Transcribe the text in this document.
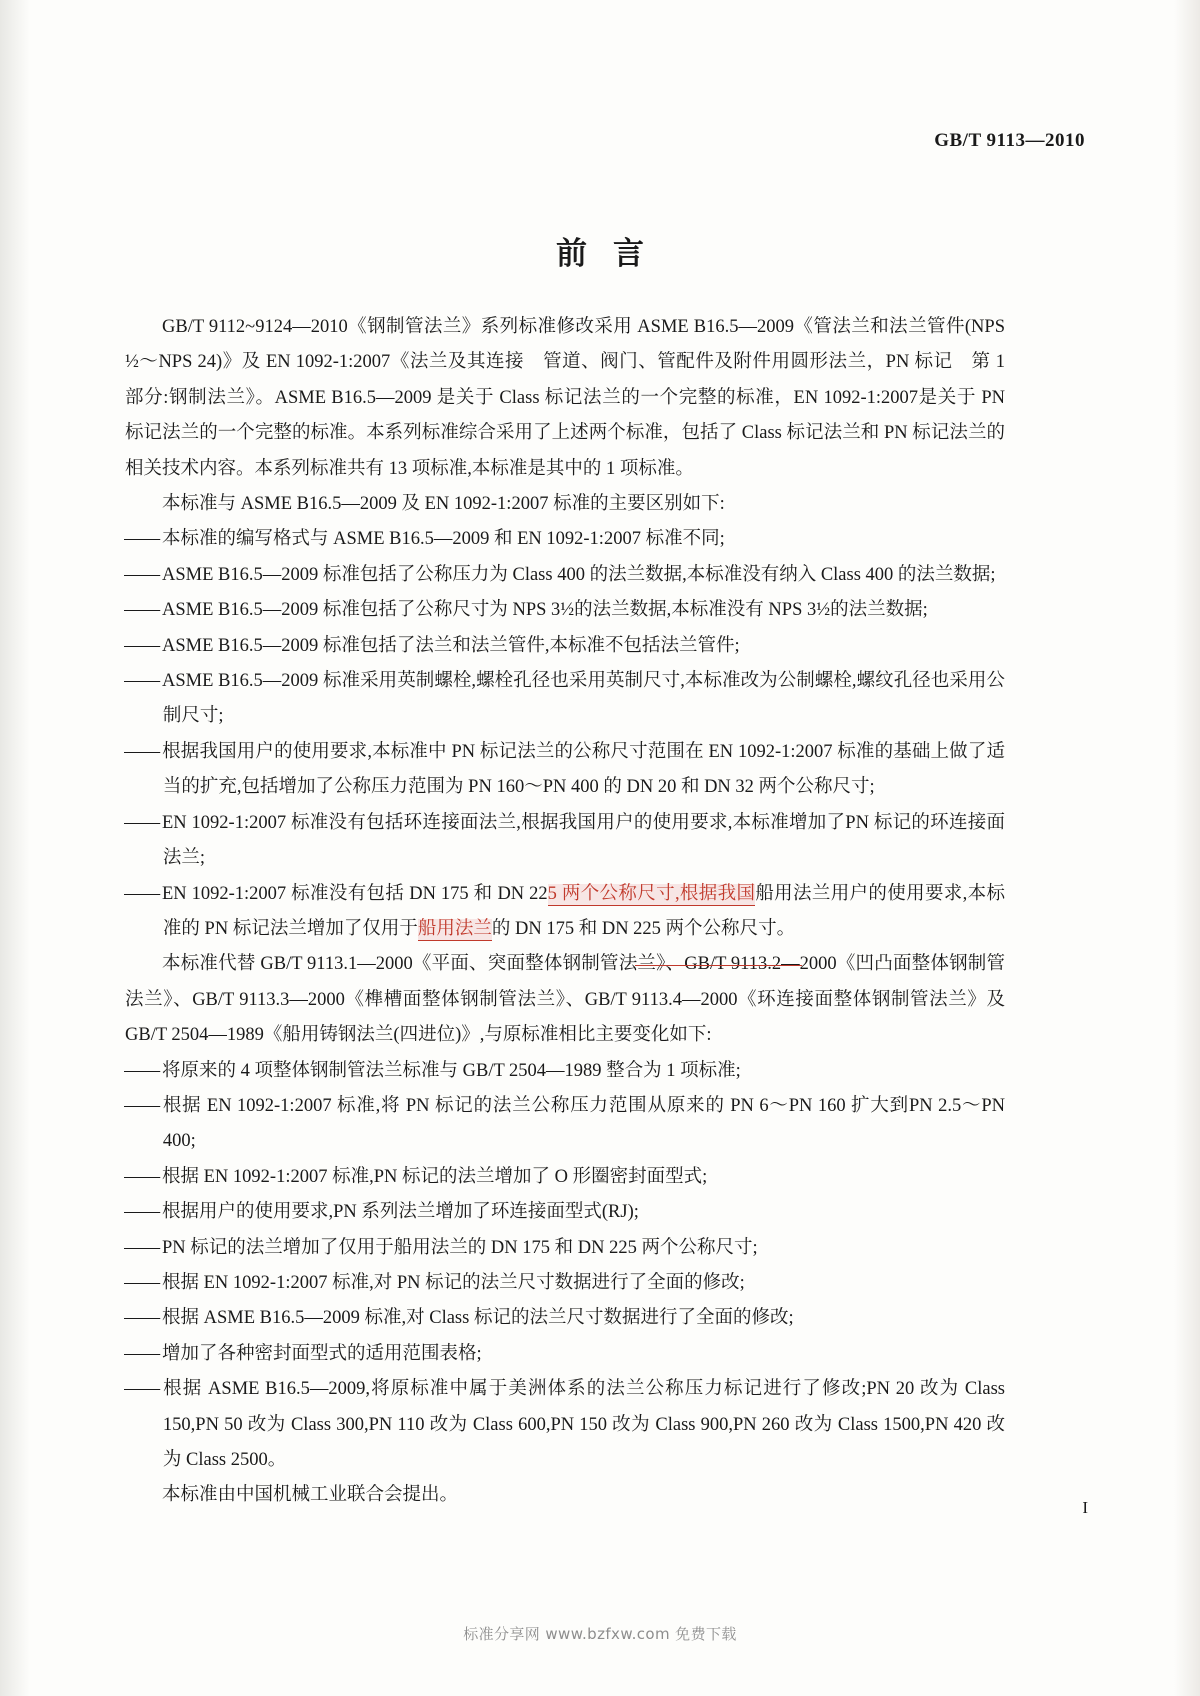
GB/T 9113—2010
前言

GB/T 9112~9124—2010《钢制管法兰》系列标准修改采用 ASME B16.5—2009《管法兰和法兰管件(NPS ½～NPS 24)》及 EN 1092-1:2007《法兰及其连接　管道、阀门、管配件及附件用圆形法兰，PN 标记　第 1 部分:钢制法兰》。ASME B16.5—2009 是关于 Class 标记法兰的一个完整的标准，EN 1092-1:2007是关于 PN 标记法兰的一个完整的标准。本系列标准综合采用了上述两个标准，包括了 Class 标记法兰和 PN 标记法兰的相关技术内容。本系列标准共有 13 项标准,本标准是其中的 1 项标准。

本标准与 ASME B16.5—2009 及 EN 1092-1:2007 标准的主要区别如下:

—— 本标准的编写格式与 ASME B16.5—2009 和 EN 1092-1:2007 标准不同;

—— ASME B16.5—2009 标准包括了公称压力为 Class 400 的法兰数据,本标准没有纳入 Class 400 的法兰数据;

—— ASME B16.5—2009 标准包括了公称尺寸为 NPS 3½的法兰数据,本标准没有 NPS 3½的法兰数据;

—— ASME B16.5—2009 标准包括了法兰和法兰管件,本标准不包括法兰管件;

—— ASME B16.5—2009 标准采用英制螺栓,螺栓孔径也采用英制尺寸,本标准改为公制螺栓,螺纹孔径也采用公制尺寸;

—— 根据我国用户的使用要求,本标准中 PN 标记法兰的公称尺寸范围在 EN 1092-1:2007 标准的基础上做了适当的扩充,包括增加了公称压力范围为 PN 160～PN 400 的 DN 20 和 DN 32 两个公称尺寸;

—— EN 1092-1:2007 标准没有包括环连接面法兰,根据我国用户的使用要求,本标准增加了PN 标记的环连接面法兰;

—— EN 1092-1:2007 标准没有包括 DN 175 和 DN 225 两个公称尺寸,根据我国船用法兰用户的使用要求,本标准的 PN 标记法兰增加了仅用于船用法兰的 DN 175 和 DN 225 两个公称尺寸。

本标准代替 GB/T 9113.1—2000《平面、突面整体钢制管法兰》、GB/T 9113.2—2000《凹凸面整体钢制管法兰》、GB/T 9113.3—2000《榫槽面整体钢制管法兰》、GB/T 9113.4—2000《环连接面整体钢制管法兰》及 GB/T 2504—1989《船用铸钢法兰(四进位)》,与原标准相比主要变化如下:

—— 将原来的 4 项整体钢制管法兰标准与 GB/T 2504—1989 整合为 1 项标准;

—— 根据 EN 1092-1:2007 标准,将 PN 标记的法兰公称压力范围从原来的 PN 6～PN 160 扩大到PN 2.5～PN 400;

—— 根据 EN 1092-1:2007 标准,PN 标记的法兰增加了 O 形圈密封面型式;

—— 根据用户的使用要求,PN 系列法兰增加了环连接面型式(RJ);

—— PN 标记的法兰增加了仅用于船用法兰的 DN 175 和 DN 225 两个公称尺寸;

—— 根据 EN 1092-1:2007 标准,对 PN 标记的法兰尺寸数据进行了全面的修改;

—— 根据 ASME B16.5—2009 标准,对 Class 标记的法兰尺寸数据进行了全面的修改;

—— 增加了各种密封面型式的适用范围表格;

—— 根据 ASME B16.5—2009,将原标准中属于美洲体系的法兰公称压力标记进行了修改;PN 20 改为 Class 150,PN 50 改为 Class 300,PN 110 改为 Class 600,PN 150 改为 Class 900,PN 260 改为 Class 1500,PN 420 改为 Class 2500。

本标准由中国机械工业联合会提出。

I
标准分享网 www.bzfxw.com 免费下载
